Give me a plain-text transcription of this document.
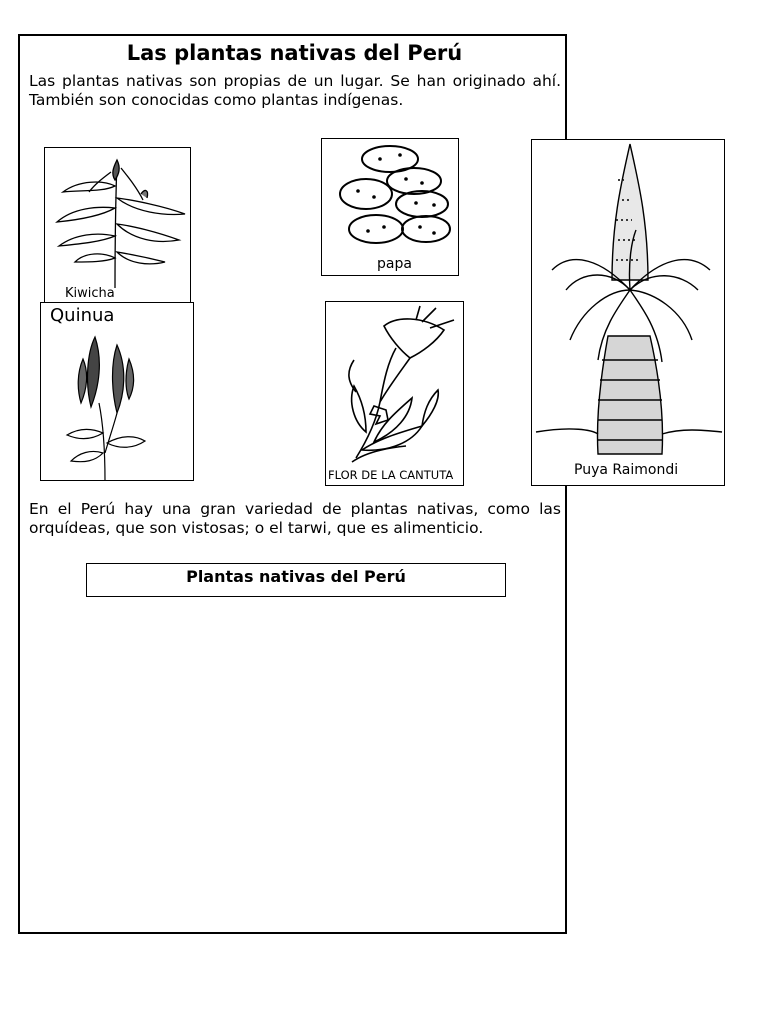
Las plantas nativas del Perú

Las plantas nativas son propias de un lugar. Se han originado ahí. También son conocidas como plantas indígenas.

En el Perú hay una gran variedad de plantas nativas, como las orquídeas, que son vistosas; o el tarwi, que es alimenticio.

Plantas nativas del Perú
Kiwicha
papa
Puya Raimondi
Quinua
FLOR DE LA CANTUTA
